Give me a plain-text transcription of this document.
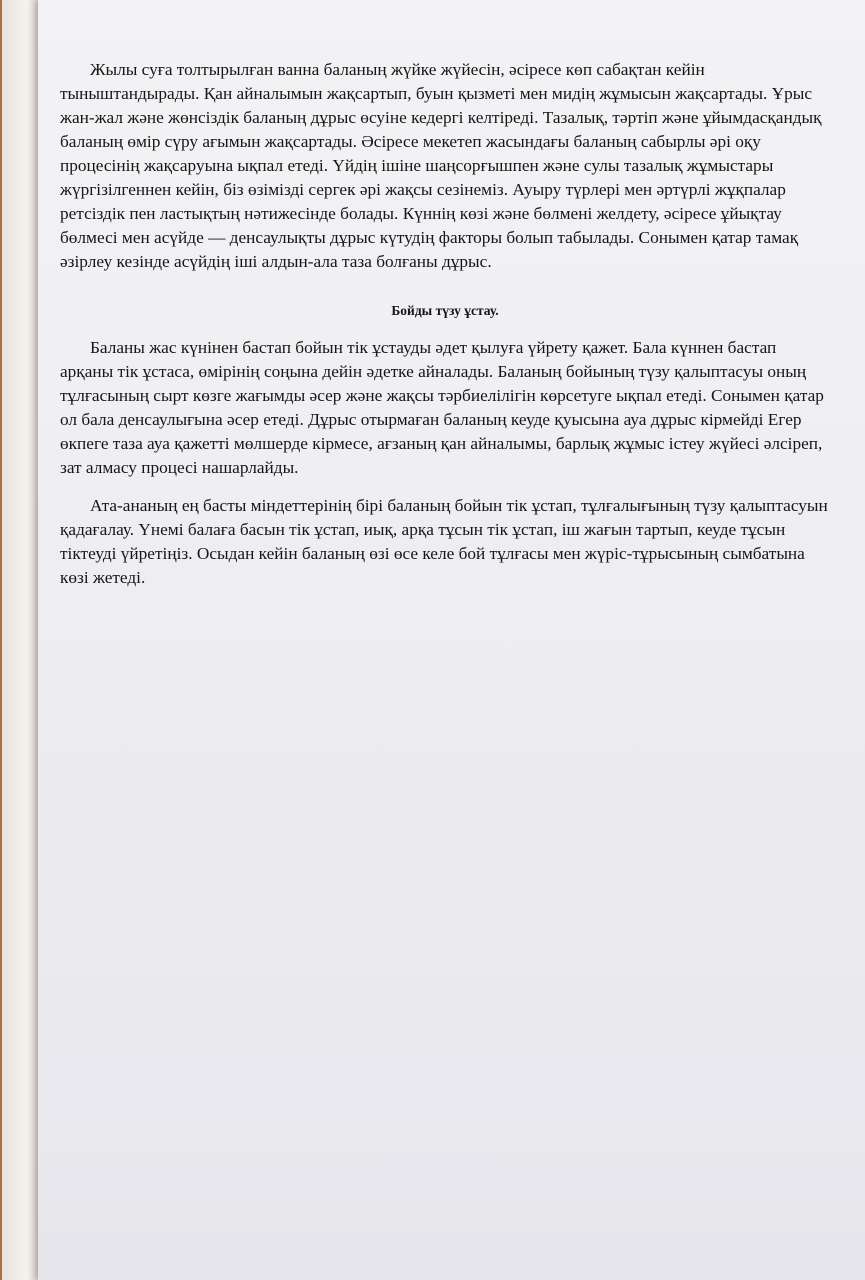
Жылы суға толтырылған ванна баланың жүйке жүйесін, әсіресе көп сабақтан кейін тыныштандырады. Қан айналымын жақсартып, буын қызметі мен мидің жұмысын жақсартады. Ұрыс жан-жал және жөнсіздік баланың дұрыс өсуіне кедергі келтіреді. Тазалық, тәртіп және ұйымдасқандық баланың өмір сүру ағымын жақсартады. Әсіресе мекетеп жасындағы баланың сабырлы әрі оқу процесінің жақсаруына ықпал етеді. Үйдің ішіне шаңсорғышпен және сулы тазалық жұмыстары жүргізілгеннен кейін, біз өзімізді сергек әрі жақсы сезінеміз. Ауыру түрлері мен әртүрлі жұқпалар ретсіздік пен ластықтың нәтижесінде болады. Күннің көзі және бөлмені желдету, әсіресе ұйықтау бөлмесі мен асүйде — денсаулықты дұрыс күтудің факторы болып табылады. Сонымен қатар тамақ әзірлеу кезінде асүйдің іші алдын-ала таза болғаны дұрыс.

Бойды түзу ұстау.

Баланы жас күнінен бастап бойын тік ұстауды әдет қылуға үйрету қажет. Бала күннен бастап арқаны тік ұстаса, өмірінің соңына дейін әдетке айналады. Баланың бойының түзу қалыптасуы оның тұлғасының сырт көзге жағымды әсер және жақсы тәрбиелілігін көрсетуге ықпал етеді. Сонымен қатар ол бала денсаулығына әсер етеді. Дұрыс отырмаған баланың кеуде қуысына ауа дұрыс кірмейді Егер өкпеге таза ауа қажетті мөлшерде кірмесе, ағзаның қан айналымы, барлық жұмыс істеу жүйесі әлсіреп, зат алмасу процесі нашарлайды.

Ата-ананың ең басты міндеттерінің бірі баланың бойын тік ұстап, тұлғалығының түзу қалыптасуын қадағалау. Үнемі балаға басын тік ұстап, иық, арқа тұсын тік ұстап, іш жағын тартып, кеуде тұсын тіктеуді үйретіңіз. Осыдан кейін баланың өзі өсе келе бой тұлғасы мен жүріс-тұрысының сымбатына көзі жетеді.
